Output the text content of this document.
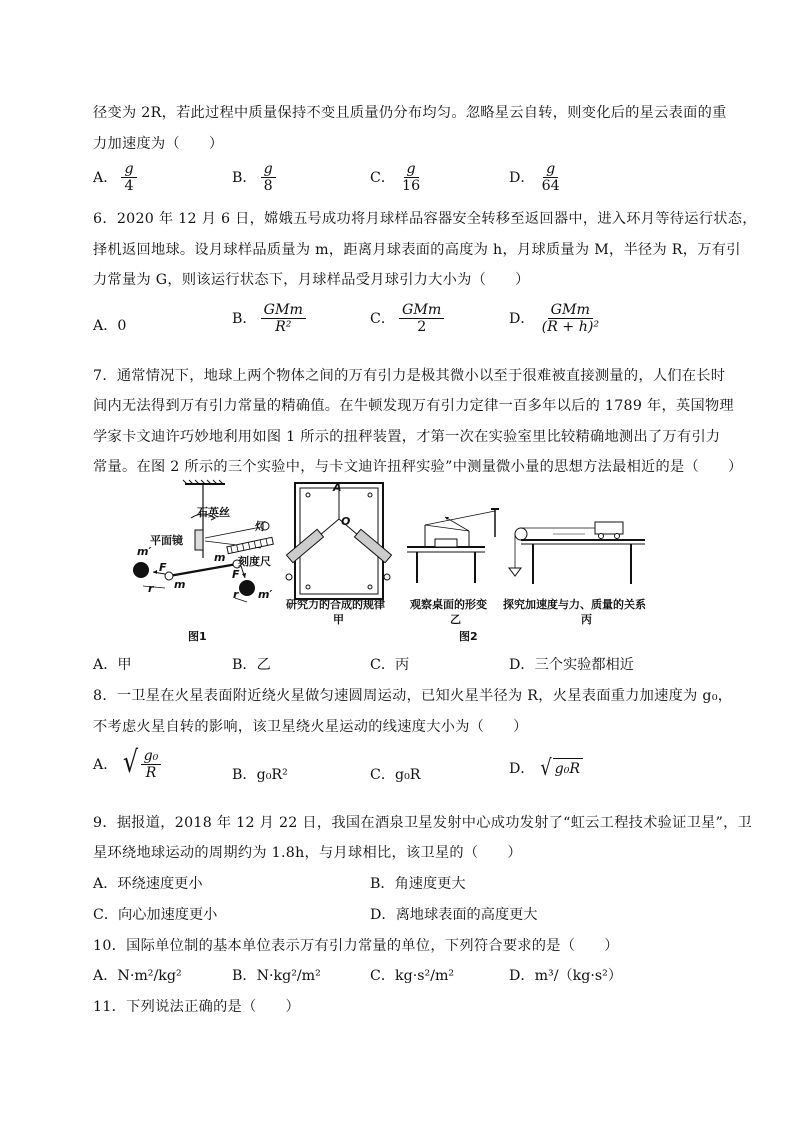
径变为 2R，若此过程中质量保持不变且质量仍分布均匀。忽略星云自转，则变化后的星云表面的重
力加速度为（　　）
A． $\frac{g}{4}$	B． $\frac{g}{8}$	C． $\frac{g}{16}$	D． $\frac{g}{64}$
6．2020 年 12 月 6 日，嫦娥五号成功将月球样品容器安全转移至返回器中，进入环月等待运行状态，
择机返回地球。设月球样品质量为 m，距离月球表面的高度为 h，月球质量为 M，半径为 R，万有引
力常量为 G，则该运行状态下，月球样品受月球引力大小为（　　）
A．0	B． $\frac{\text{GMm}}{\text{R²}}$	C． $\frac{\text{GMm}}{2}$	D． $\frac{\text{GMm}}{\text{(R + h)²}}$
7．通常情况下，地球上两个物体之间的万有引力是极其微小以至于很难被直接测量的，人们在长时
间内无法得到万有引力常量的精确值。在牛顿发现万有引力定律一百多年以后的 1789 年，英国物理
学家卡文迪许巧妙地利用如图 1 所示的扭秤装置，才第一次在实验室里比较精确地测出了万有引力
常量。在图 2 所示的三个实验中，与卡文迪许扭秤实验”中测量微小量的思想方法最相近的是（　　）
石英丝
平面镜
灯
刻度尺
m′
m
F
r
m
F
r m′
图1
A
O
研究力的合成的规律
甲
观察桌面的形变
乙
图2
探究加速度与力、质量的关系
丙
A．甲	B．乙	C．丙	D．三个实验都相近
8．一卫星在火星表面附近绕火星做匀速圆周运动，已知火星半径为 R，火星表面重力加速度为 g₀，
不考虑火星自转的影响，该卫星绕火星运动的线速度大小为（　　）
A． √ $\frac{\text{g₀}}{R}$	B．g₀R²	C．g₀R	D． √ g₀R
9．据报道，2018 年 12 月 22 日，我国在酒泉卫星发射中心成功发射了“虹云工程技术验证卫星”，卫
星环绕地球运动的周期约为 1.8h，与月球相比，该卫星的（　　）
A．环绕速度更小	B．角速度更大
C．向心加速度更小	D．离地球表面的高度更大
10．国际单位制的基本单位表示万有引力常量的单位，下列符合要求的是（　　）
A．N·m²/kg²	B．N·kg²/m²	C．kg·s²/m²	D．m³/（kg·s²）
11．下列说法正确的是（　　）
